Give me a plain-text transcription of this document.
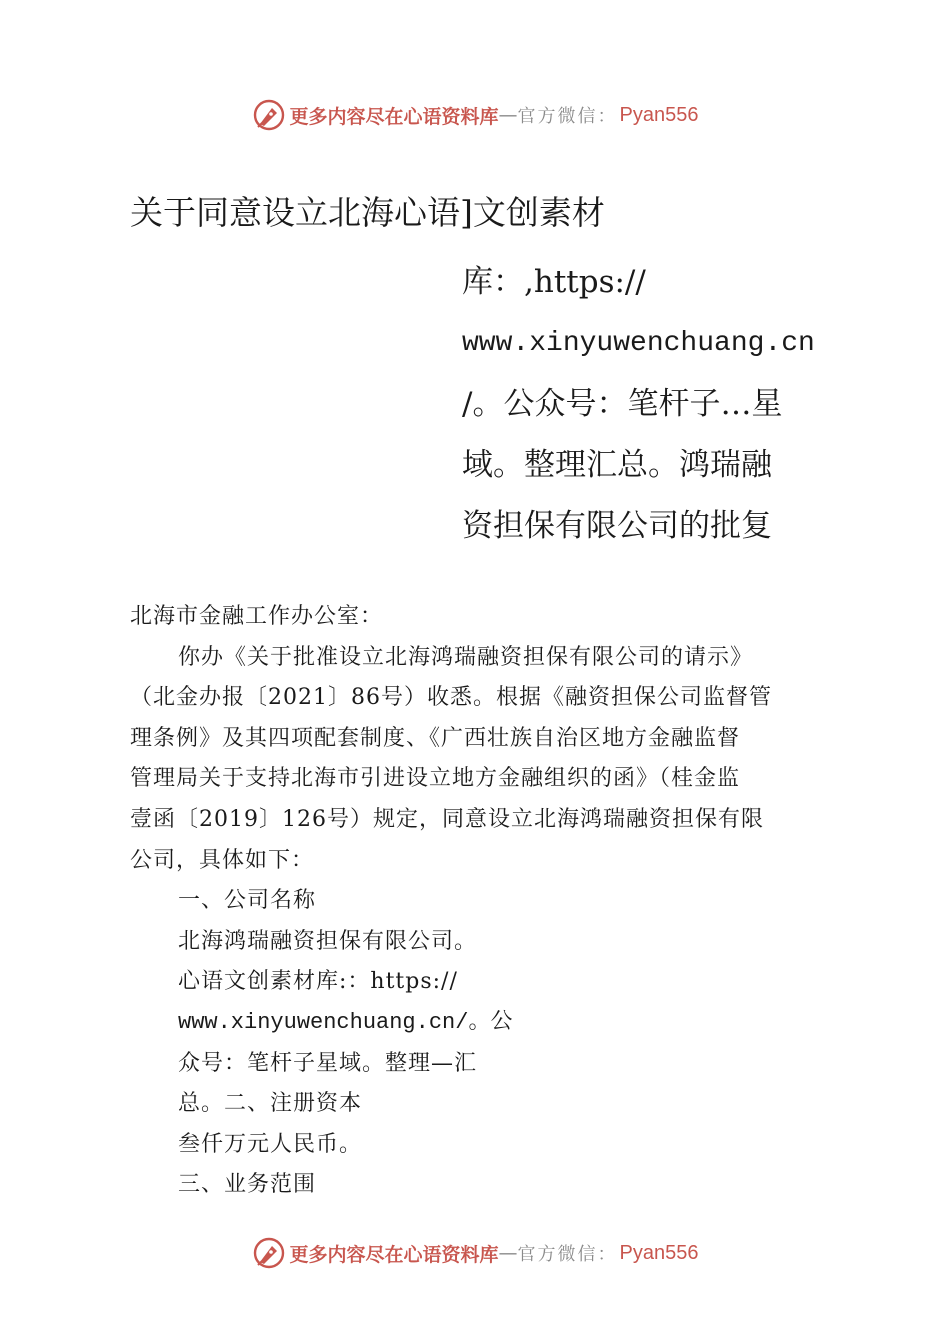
更多内容尽在心语资料库 — 官方微信： Pyan556
关于同意设立北海心语]文创素材
库：,https://
www.xinyuwenchuang.cn
/。公众号：笔杆子…星
域。整理汇总。鸿瑞融
资担保有限公司的批复
北海市金融工作办公室：
你办《关于批准设立北海鸿瑞融资担保有限公司的请示》
（北金办报〔2021〕86号）收悉。根据《融资担保公司监督管
理条例》及其四项配套制度、《广西壮族自治区地方金融监督
管理局关于支持北海市引进设立地方金融组织的函》（桂金监
壹函〔2019〕126号）规定，同意设立北海鸿瑞融资担保有限
公司，具体如下：
一、公司名称
北海鸿瑞融资担保有限公司。
心语文创素材库:：https://
www.xinyuwenchuang.cn/。公
众号：笔杆子星域。整理—汇
总。二、注册资本
叁仟万元人民币。
三、业务范围
更多内容尽在心语资料库 — 官方微信： Pyan556
